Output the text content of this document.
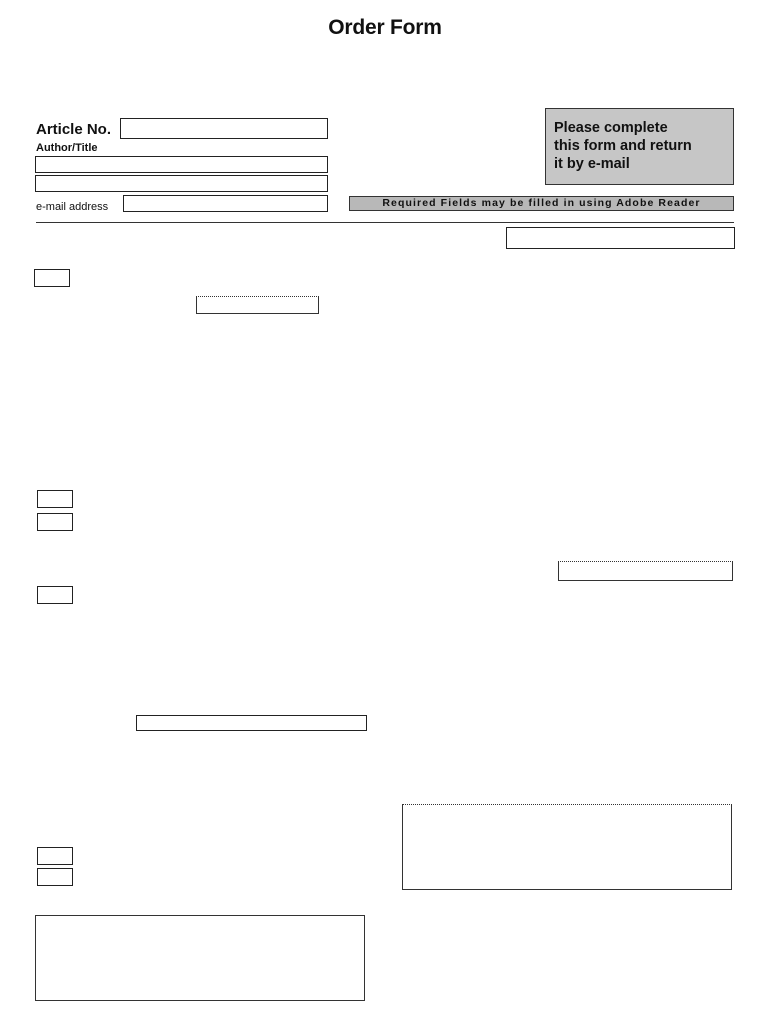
Order Form
Article No.
Author/Title
e-mail address
Please complete
this form and return
it by e-mail
Required Fields may be filled in using Adobe Reader
